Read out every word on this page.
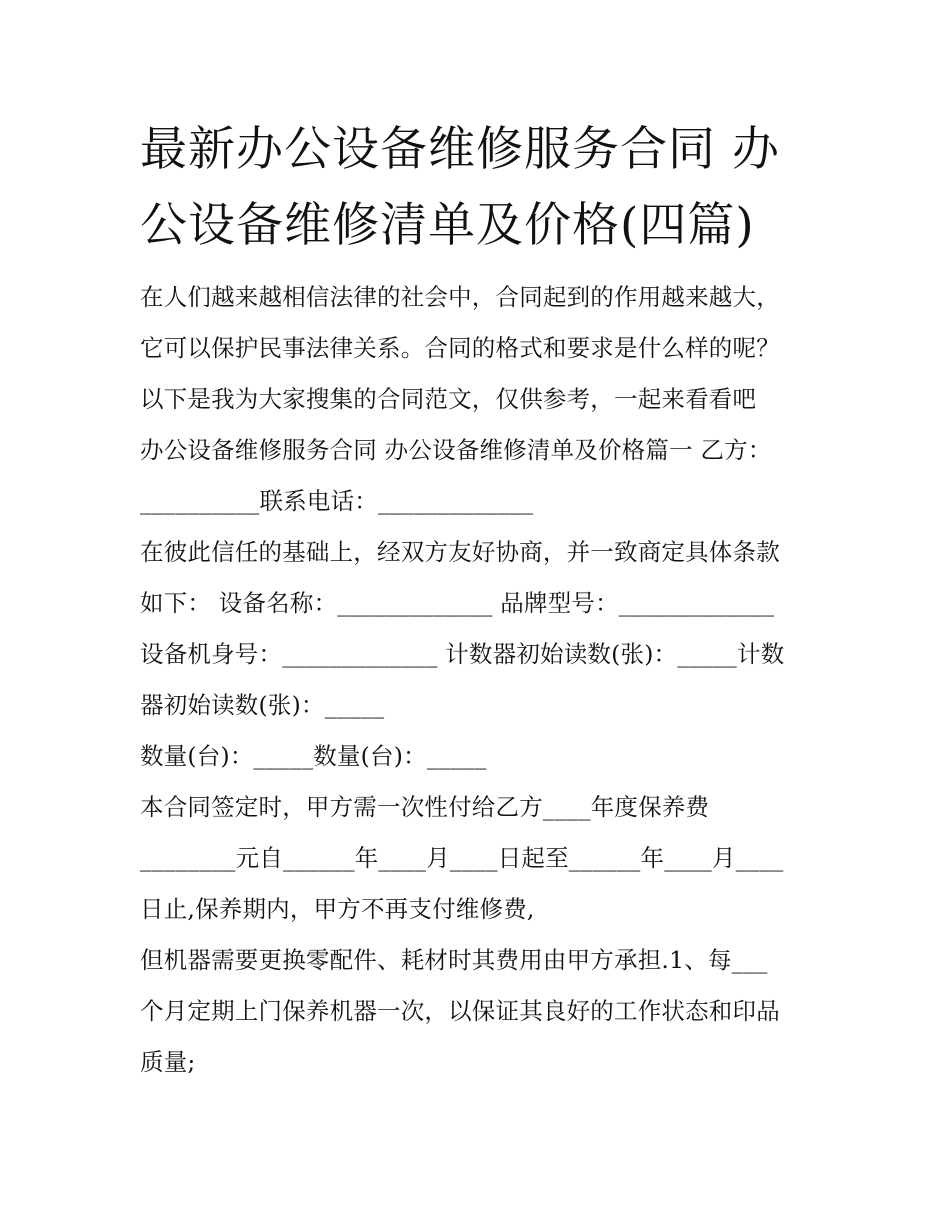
最新办公设备维修服务合同 办
公设备维修清单及价格(四篇)
在人们越来越相信法律的社会中，合同起到的作用越来越大，
它可以保护民事法律关系。合同的格式和要求是什么样的呢？
以下是我为大家搜集的合同范文，仅供参考，一起来看看吧
办公设备维修服务合同 办公设备维修清单及价格篇一 乙方：
__________联系电话：_____________
在彼此信任的基础上，经双方友好协商，并一致商定具体条款
如下： 设备名称：_____________ 品牌型号：_____________
设备机身号：_____________ 计数器初始读数(张)：_____计数
器初始读数(张)：_____
数量(台)：_____数量(台)：_____
本合同签定时，甲方需一次性付给乙方____年度保养费
________元自______年____月____日起至______年____月____
日止,保养期内，甲方不再支付维修费,
但机器需要更换零配件、耗材时其费用由甲方承担.1、每___
个月定期上门保养机器一次，以保证其良好的工作状态和印品
质量;
